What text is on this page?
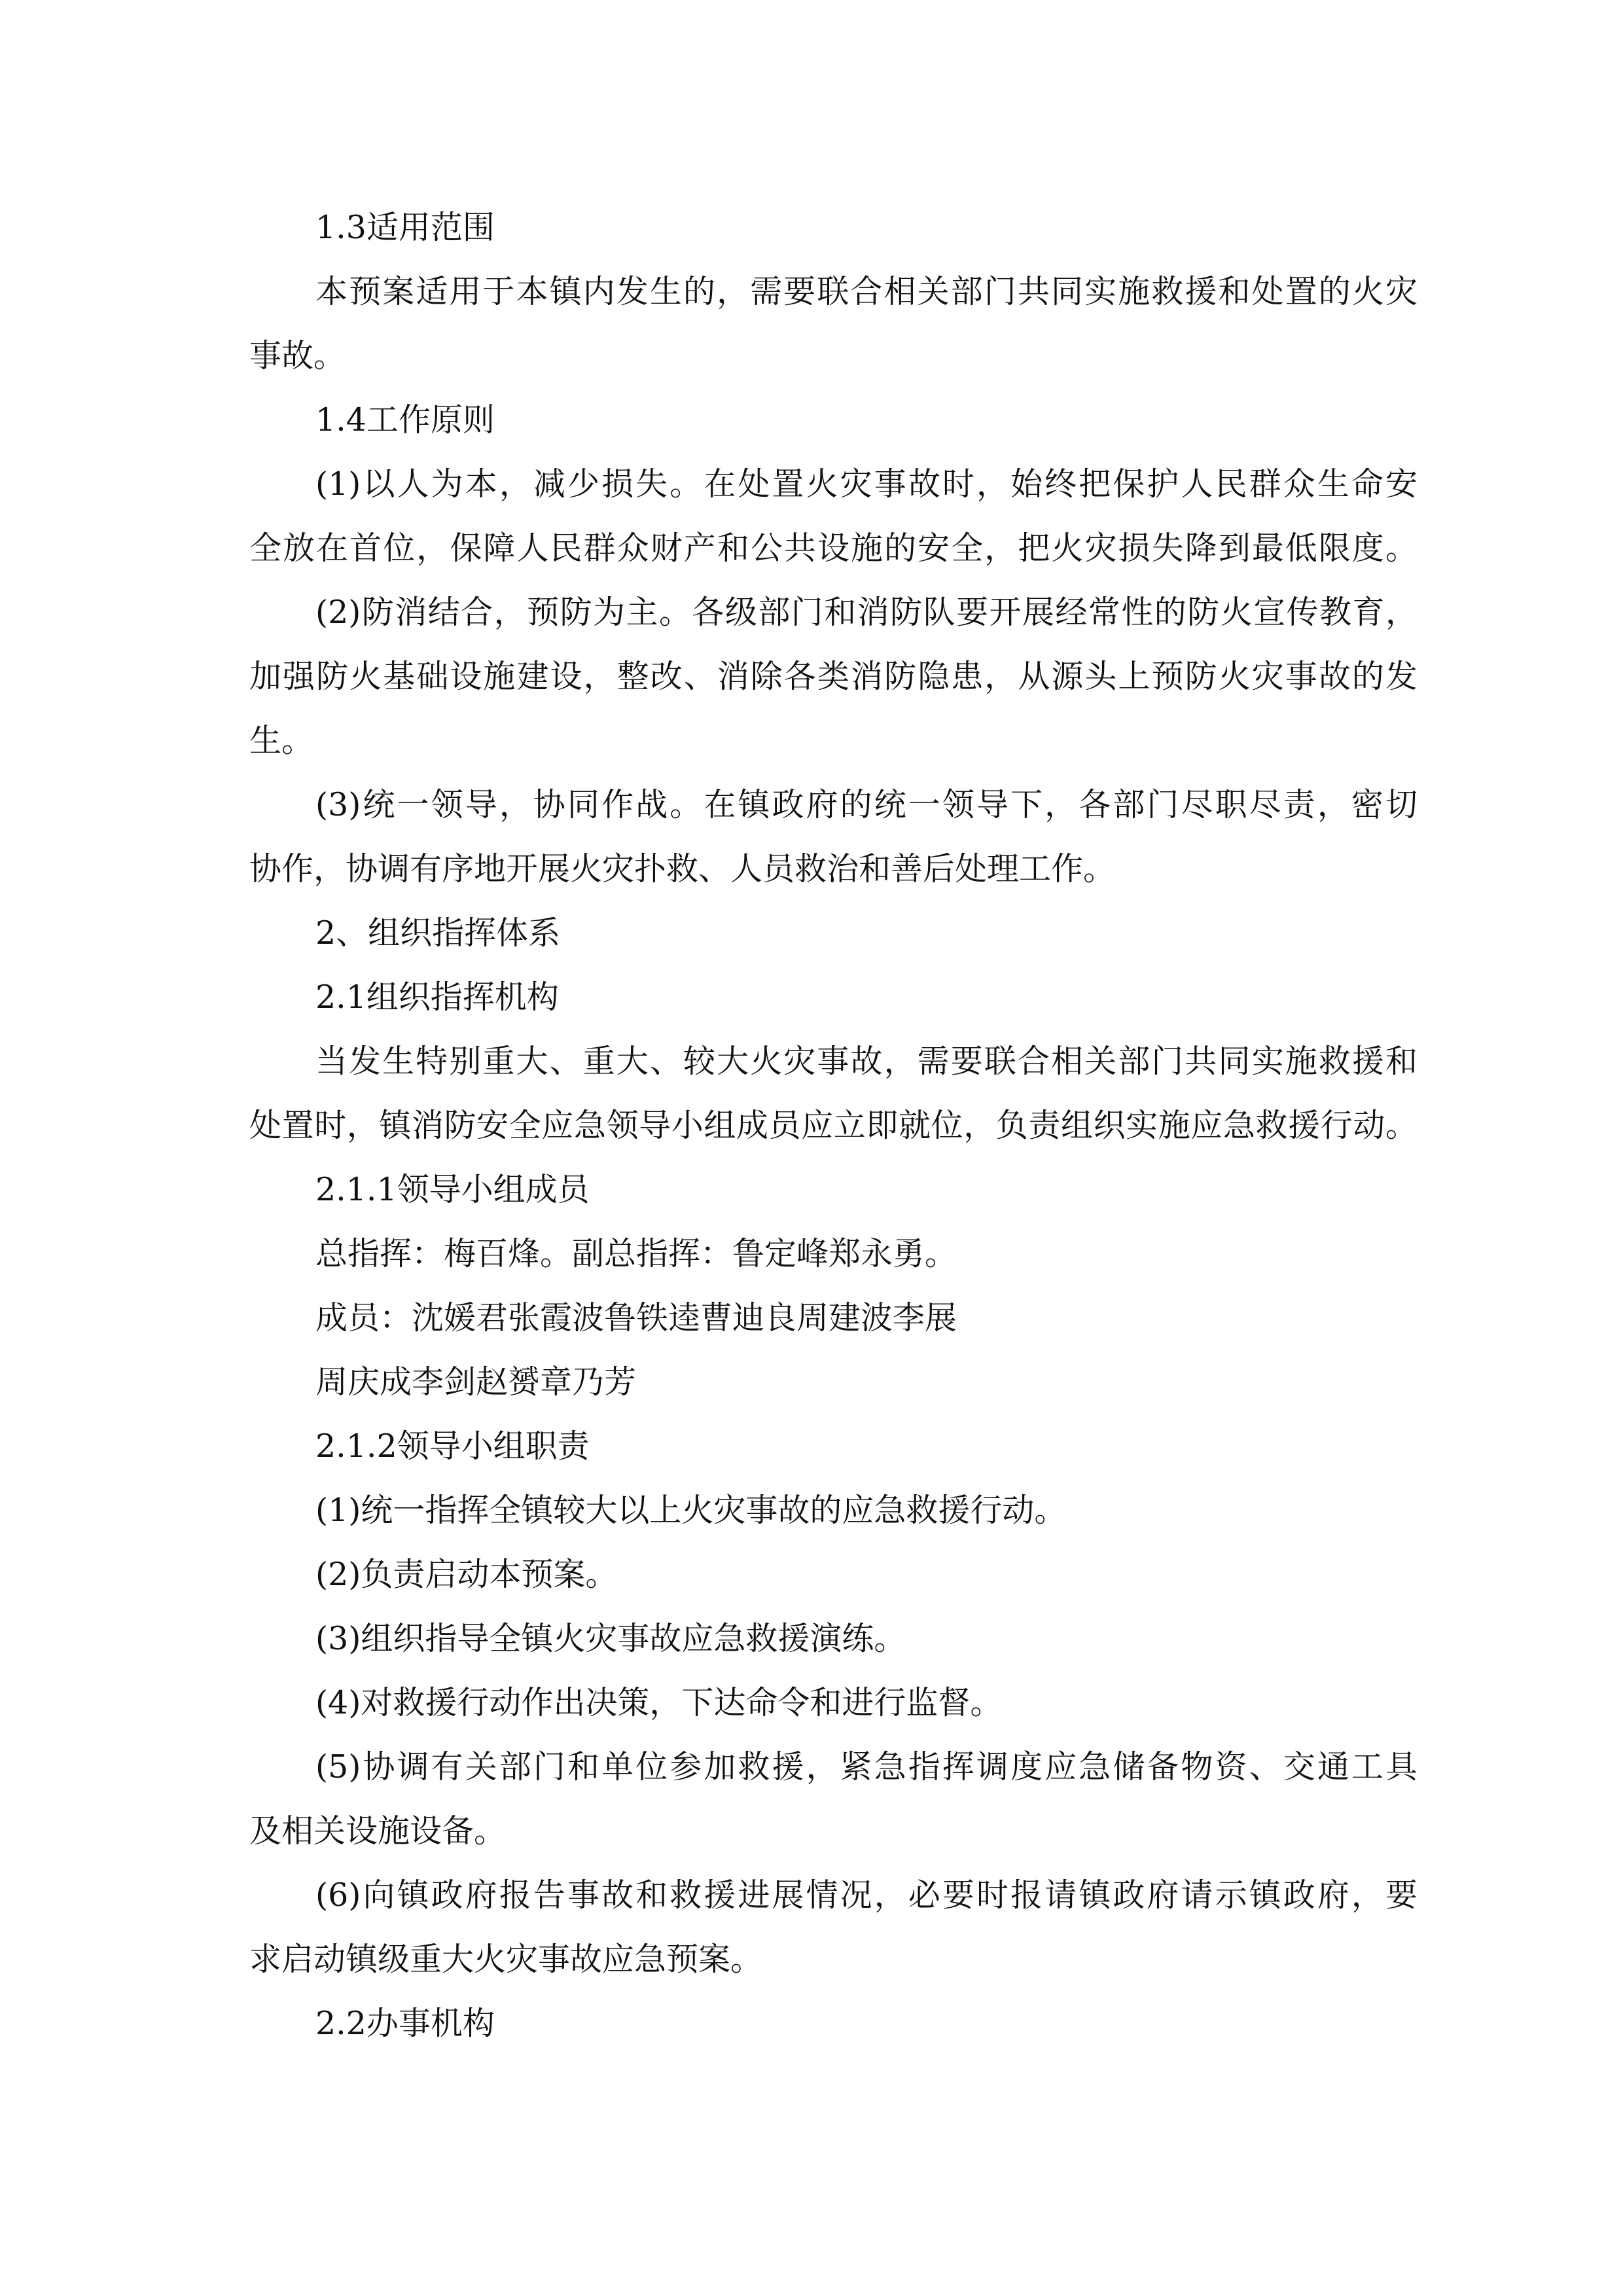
1.3适用范围
本预案适用于本镇内发生的，需要联合相关部门共同实施救援和处置的火灾
事故。
1.4工作原则
(1)以人为本，减少损失。在处置火灾事故时，始终把保护人民群众生命安
全放在首位，保障人民群众财产和公共设施的安全，把火灾损失降到最低限度。
(2)防消结合，预防为主。各级部门和消防队要开展经常性的防火宣传教育，
加强防火基础设施建设，整改、消除各类消防隐患，从源头上预防火灾事故的发
生。
(3)统一领导，协同作战。在镇政府的统一领导下，各部门尽职尽责，密切
协作，协调有序地开展火灾扑救、人员救治和善后处理工作。
2、组织指挥体系
2.1组织指挥机构
当发生特别重大、重大、较大火灾事故，需要联合相关部门共同实施救援和
处置时，镇消防安全应急领导小组成员应立即就位，负责组织实施应急救援行动。
2.1.1领导小组成员
总指挥：梅百烽。副总指挥：鲁定峰郑永勇。
成员：沈媛君张霞波鲁铁逵曹迪良周建波李展
周庆成李剑赵赟章乃芳
2.1.2领导小组职责
(1)统一指挥全镇较大以上火灾事故的应急救援行动。
(2)负责启动本预案。
(3)组织指导全镇火灾事故应急救援演练。
(4)对救援行动作出决策，下达命令和进行监督。
(5)协调有关部门和单位参加救援，紧急指挥调度应急储备物资、交通工具
及相关设施设备。
(6)向镇政府报告事故和救援进展情况，必要时报请镇政府请示镇政府，要
求启动镇级重大火灾事故应急预案。
2.2办事机构
